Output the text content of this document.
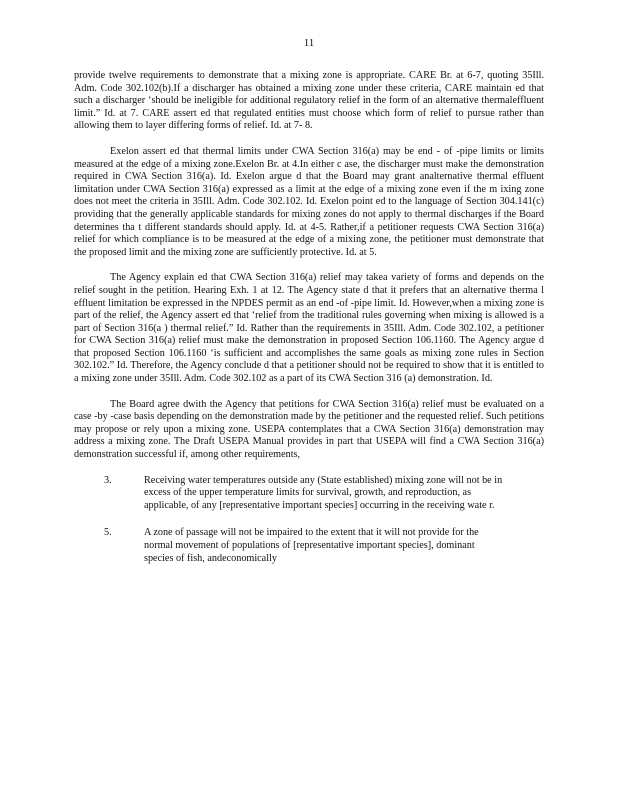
11

provide twelve requirements to demonstrate that a mixing zone is appropriate. CARE Br. at 6-7, quoting 35Ill. Adm. Code 302.102(b).If a discharger has obtained a mixing zone under these criteria, CARE maintain ed that such a discharger ‘should be ineligible for additional regulatory relief in the form of an alternative thermaleffluent limit.” Id. at 7. CARE assert ed that regulated entities must choose which form of relief to pursue rather than allowing them to layer differing forms of relief. Id. at 7- 8.

Exelon assert ed that thermal limits under CWA Section 316(a) may be end - of -pipe limits or limits measured at the edge of a mixing zone.Exelon Br. at 4.In either c ase, the discharger must make the demonstration required in CWA Section 316(a). Id. Exelon argue d that the Board may grant analternative thermal effluent limitation under CWA Section 316(a) expressed as a limit at the edge of a mixing zone even if the m ixing zone does not meet the criteria in 35Ill. Adm. Code 302.102. Id. Exelon point ed to the language of Section 304.141(c) providing that the generally applicable standards for mixing zones do not apply to thermal discharges if the Board determines tha t different standards should apply. Id. at 4-5. Rather,if a petitioner requests CWA Section 316(a) relief for which compliance is to be measured at the edge of a mixing zone, the petitioner must demonstrate that the proposed limit and the mixing zone are sufficiently protective. Id. at 5.

The Agency explain ed that CWA Section 316(a) relief may takea variety of forms and depends on the relief sought in the petition. Hearing Exh. 1 at 12. The Agency state d that it prefers that an alternative therma l effluent limitation be expressed in the NPDES permit as an end -of -pipe limit. Id. However,when a mixing zone is part of the relief, the Agency assert ed that ‘relief from the traditional rules governing when mixing is allowed is a part of Section 316(a ) thermal relief.” Id. Rather than the requirements in 35Ill. Adm. Code 302.102, a petitioner for CWA Section 316(a) relief must make the demonstration in proposed Section 106.1160. The Agency argue d that proposed Section 106.1160 ‘is sufficient and accomplishes the same goals as mixing zone rules in Section 302.102.” Id. Therefore, the Agency conclude d that a petitioner should not be required to show that it is entitled to a mixing zone under 35Ill. Adm. Code 302.102 as a part of its CWA Section 316 (a) demonstration. Id.

The Board agree dwith the Agency that petitions for CWA Section 316(a) relief must be evaluated on a case -by -case basis depending on the demonstration made by the petitioner and the requested relief. Such petitions may propose or rely upon a mixing zone. USEPA contemplates that a CWA Section 316(a) demonstration may address a mixing zone. The Draft USEPA Manual provides in part that USEPA will find a CWA Section 316(a) demonstration successful if, among other requirements,

3.	Receiving water temperatures outside any (State established) mixing zone will not be in excess of the upper temperature limits for survival, growth, and reproduction, as applicable, of any [representative important species] occurring in the receiving wate r.
5.	A zone of passage will not be impaired to the extent that it will not provide for the normal movement of populations of [representative important species], dominant species of fish, andeconomically
